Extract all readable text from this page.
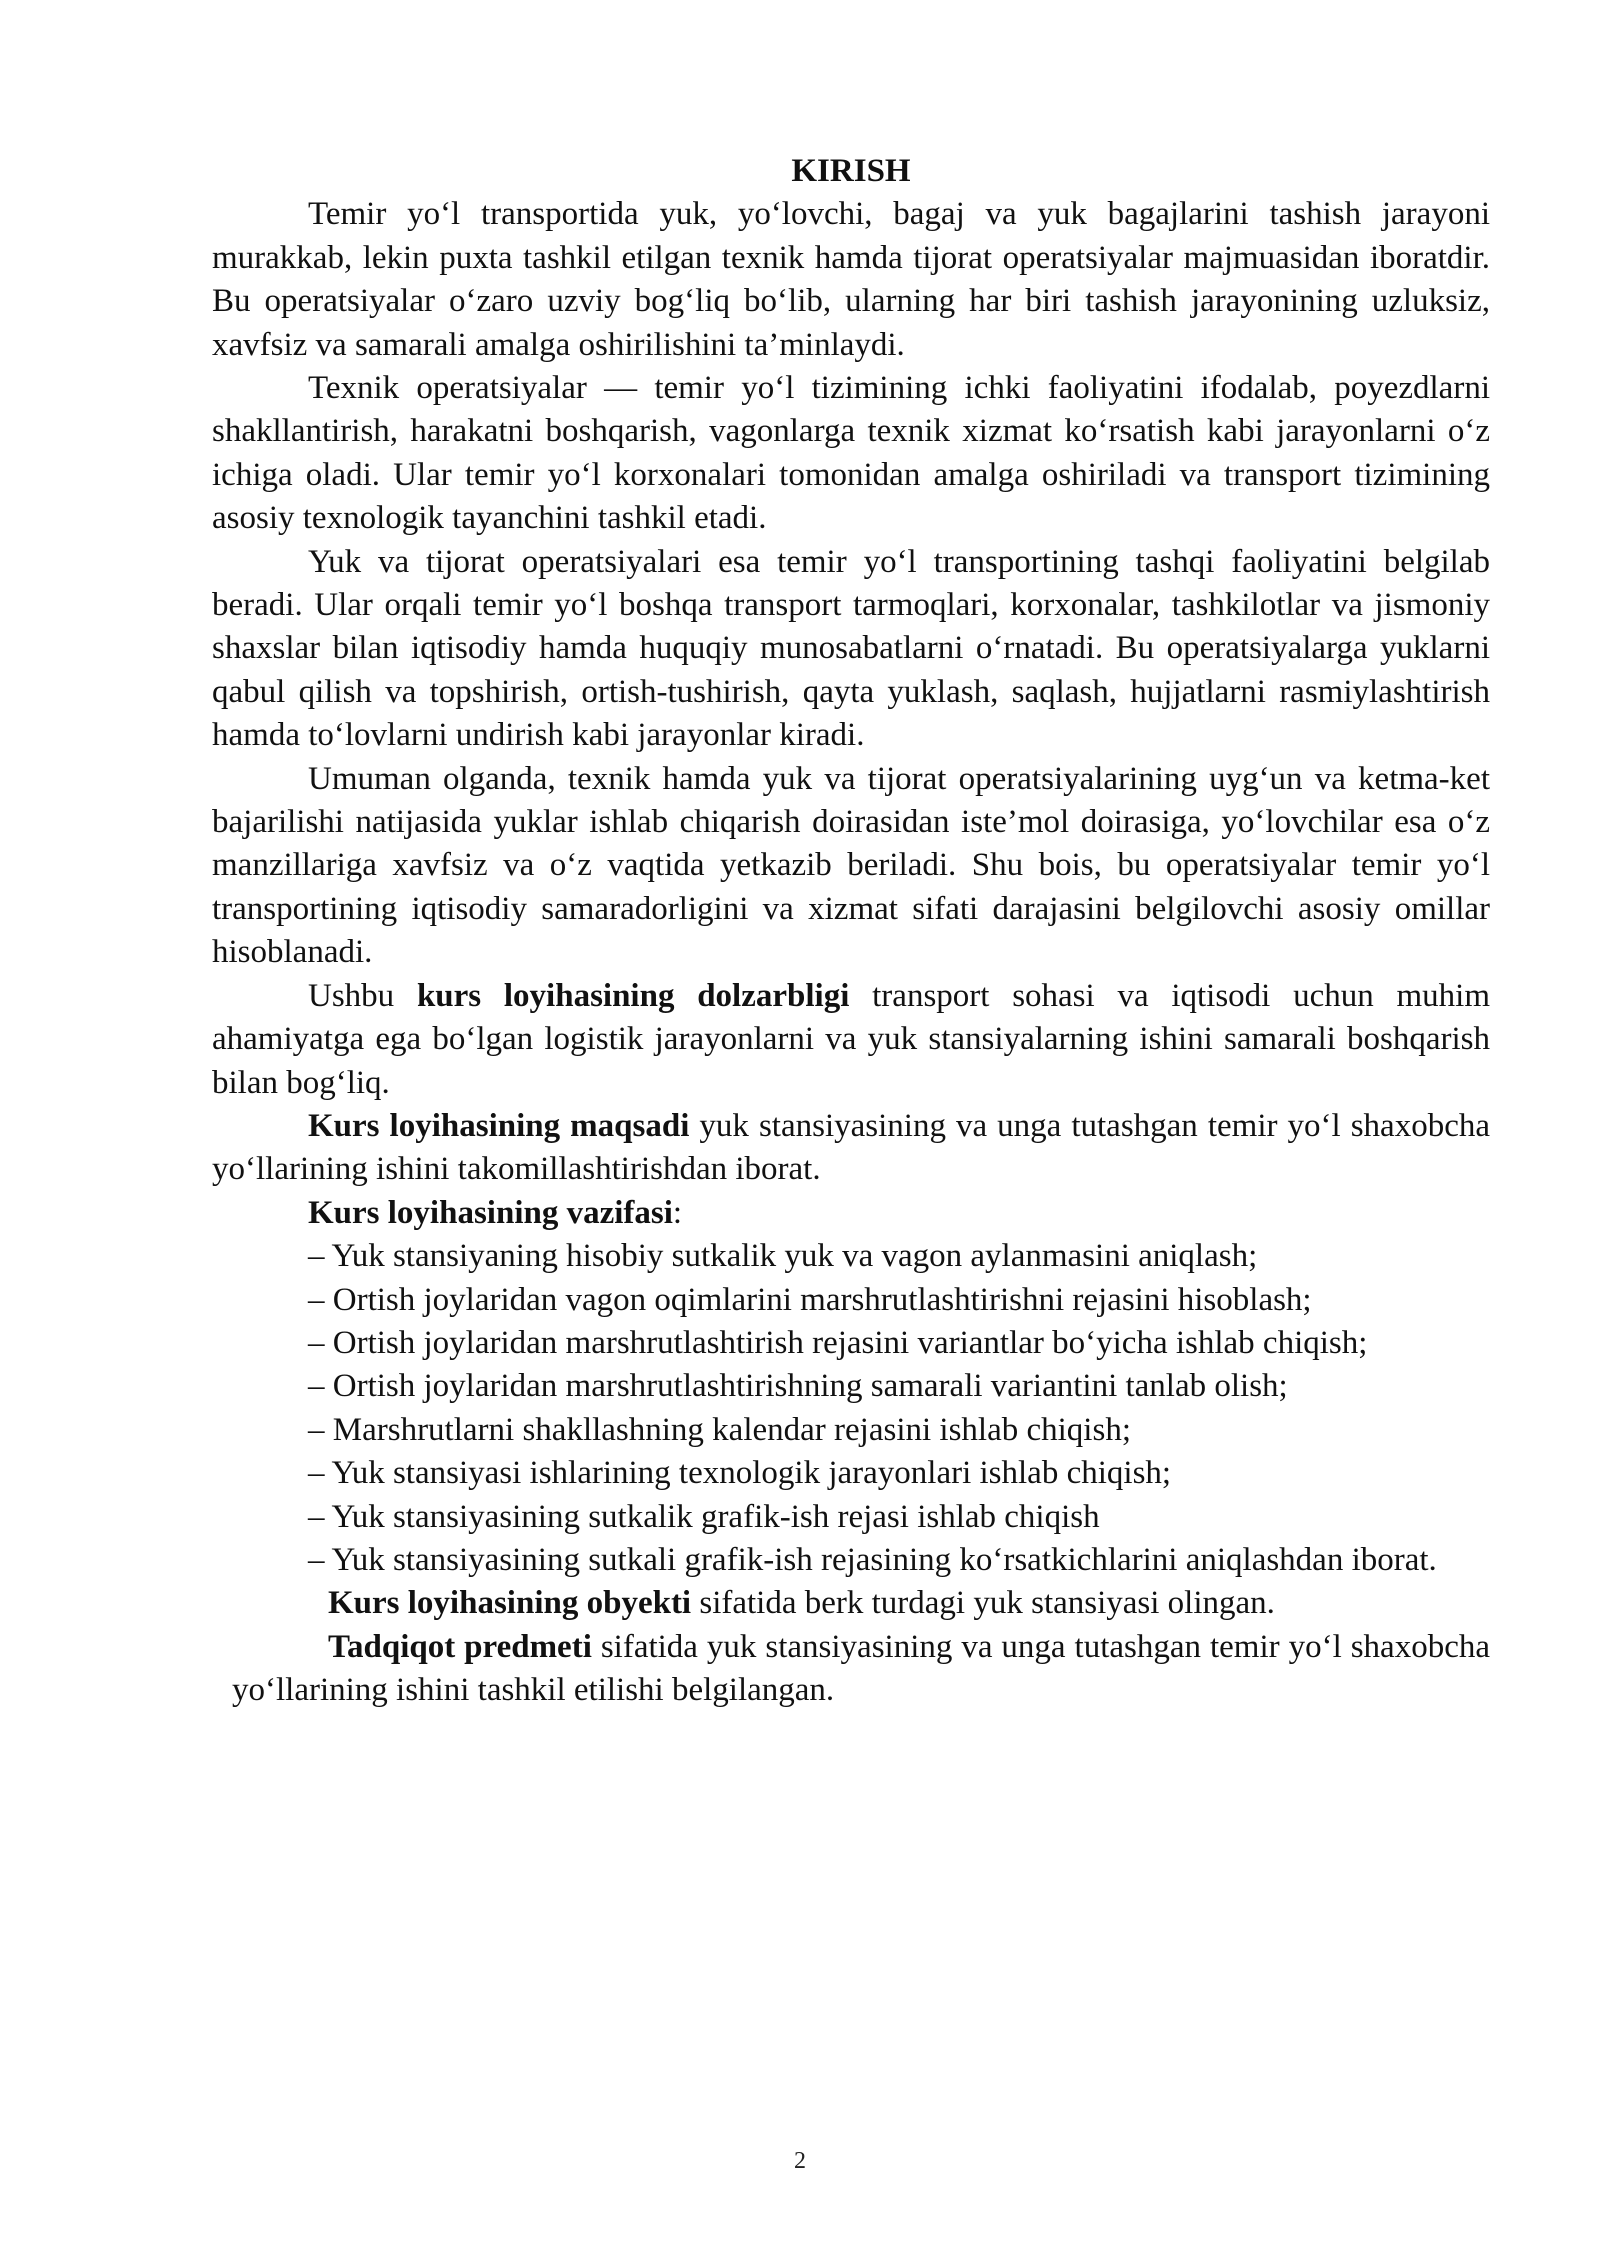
KIRISH

Temir yo‘l transportida yuk, yo‘lovchi, bagaj va yuk bagajlarini tashish jarayoni murakkab, lekin puxta tashkil etilgan texnik hamda tijorat operatsiyalar majmuasidan iboratdir. Bu operatsiyalar o‘zaro uzviy bog‘liq bo‘lib, ularning har biri tashish jarayonining uzluksiz, xavfsiz va samarali amalga oshirilishini ta’minlaydi.

Texnik operatsiyalar — temir yo‘l tizimining ichki faoliyatini ifodalab, poyezdlarni shakllantirish, harakatni boshqarish, vagonlarga texnik xizmat ko‘rsatish kabi jarayonlarni o‘z ichiga oladi. Ular temir yo‘l korxonalari tomonidan amalga oshiriladi va transport tizimining asosiy texnologik tayanchini tashkil etadi.

Yuk va tijorat operatsiyalari esa temir yo‘l transportining tashqi faoliyatini belgilab beradi. Ular orqali temir yo‘l boshqa transport tarmoqlari, korxonalar, tashkilotlar va jismoniy shaxslar bilan iqtisodiy hamda huquqiy munosabatlarni o‘rnatadi. Bu operatsiyalarga yuklarni qabul qilish va topshirish, ortish-tushirish, qayta yuklash, saqlash, hujjatlarni rasmiylashtirish hamda to‘lovlarni undirish kabi jarayonlar kiradi.

Umuman olganda, texnik hamda yuk va tijorat operatsiyalarining uyg‘un va ketma-ket bajarilishi natijasida yuklar ishlab chiqarish doirasidan iste’mol doirasiga, yo‘lovchilar esa o‘z manzillariga xavfsiz va o‘z vaqtida yetkazib beriladi. Shu bois, bu operatsiyalar temir yo‘l transportining iqtisodiy samaradorligini va xizmat sifati darajasini belgilovchi asosiy omillar hisoblanadi.

Ushbu kurs loyihasining dolzarbligi transport sohasi va iqtisodi uchun muhim ahamiyatga ega bo‘lgan logistik jarayonlarni va yuk stansiyalarning ishini samarali boshqarish bilan bog‘liq.

Kurs loyihasining maqsadi yuk stansiyasining va unga tutashgan temir yo‘l shaxobcha yo‘llarining ishini takomillashtirishdan iborat.

Kurs loyihasining vazifasi:

– Yuk stansiyaning hisobiy sutkalik yuk va vagon aylanmasini aniqlash;

– Ortish joylaridan vagon oqimlarini marshrutlashtirishni rejasini hisoblash;

– Ortish joylaridan marshrutlashtirish rejasini variantlar bo‘yicha ishlab chiqish;

– Ortish joylaridan marshrutlashtirishning samarali variantini tanlab olish;

– Marshrutlarni shakllashning kalendar rejasini ishlab chiqish;

– Yuk stansiyasi ishlarining texnologik jarayonlari ishlab chiqish;

– Yuk stansiyasining sutkalik grafik-ish rejasi ishlab chiqish

– Yuk stansiyasining sutkali grafik-ish rejasining ko‘rsatkichlarini aniqlashdan iborat.

Kurs loyihasining obyekti sifatida berk turdagi yuk stansiyasi olingan.

Tadqiqot predmeti sifatida yuk stansiyasining va unga tutashgan temir yo‘l shaxobcha yo‘llarining ishini tashkil etilishi belgilangan.

2
